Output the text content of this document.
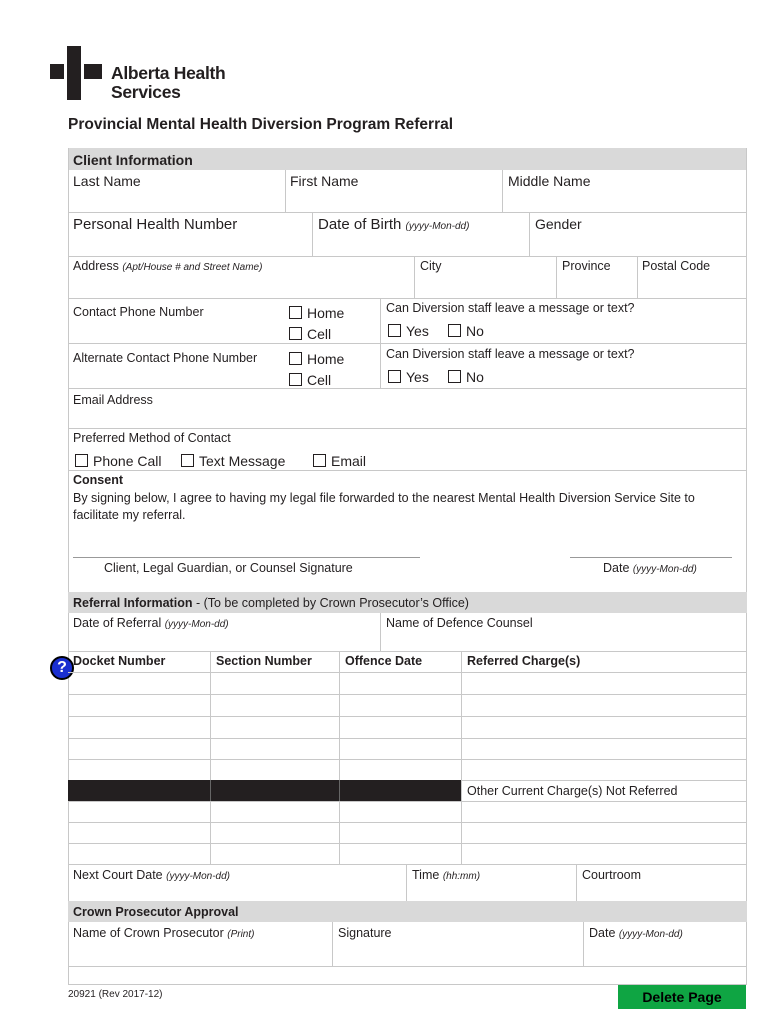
Alberta Health
Services
Provincial Mental Health Diversion Program Referral
Client Information
Last Name	First Name	Middle Name
Personal Health Number	Date of Birth (yyyy-Mon-dd)	Gender
Address (Apt/House # and Street Name)	City	Province	Postal Code
Contact Phone Number	Home
Cell
Can Diversion staff leave a message or text?
Yes	No
Alternate Contact Phone Number	Home
Cell
Can Diversion staff leave a message or text?
Yes	No
Email Address
Preferred Method of Contact
Phone Call	Text Message	Email
Consent
By signing below, I agree to having my legal file forwarded to the nearest Mental Health Diversion Service Site to facilitate my referral.
Client, Legal Guardian, or Counsel Signature	Date (yyyy-Mon-dd)
Referral Information - (To be completed by Crown Prosecutor’s Office)
Date of Referral (yyyy-Mon-dd)	Name of Defence Counsel
Docket Number	Section Number	Offence Date	Referred Charge(s)
?
Other Current Charge(s) Not Referred
Next Court Date (yyyy-Mon-dd)	Time (hh:mm)	Courtroom
Crown Prosecutor Approval
Name of Crown Prosecutor (Print)	Signature	Date (yyyy-Mon-dd)
20921 (Rev 2017-12)	Delete Page
